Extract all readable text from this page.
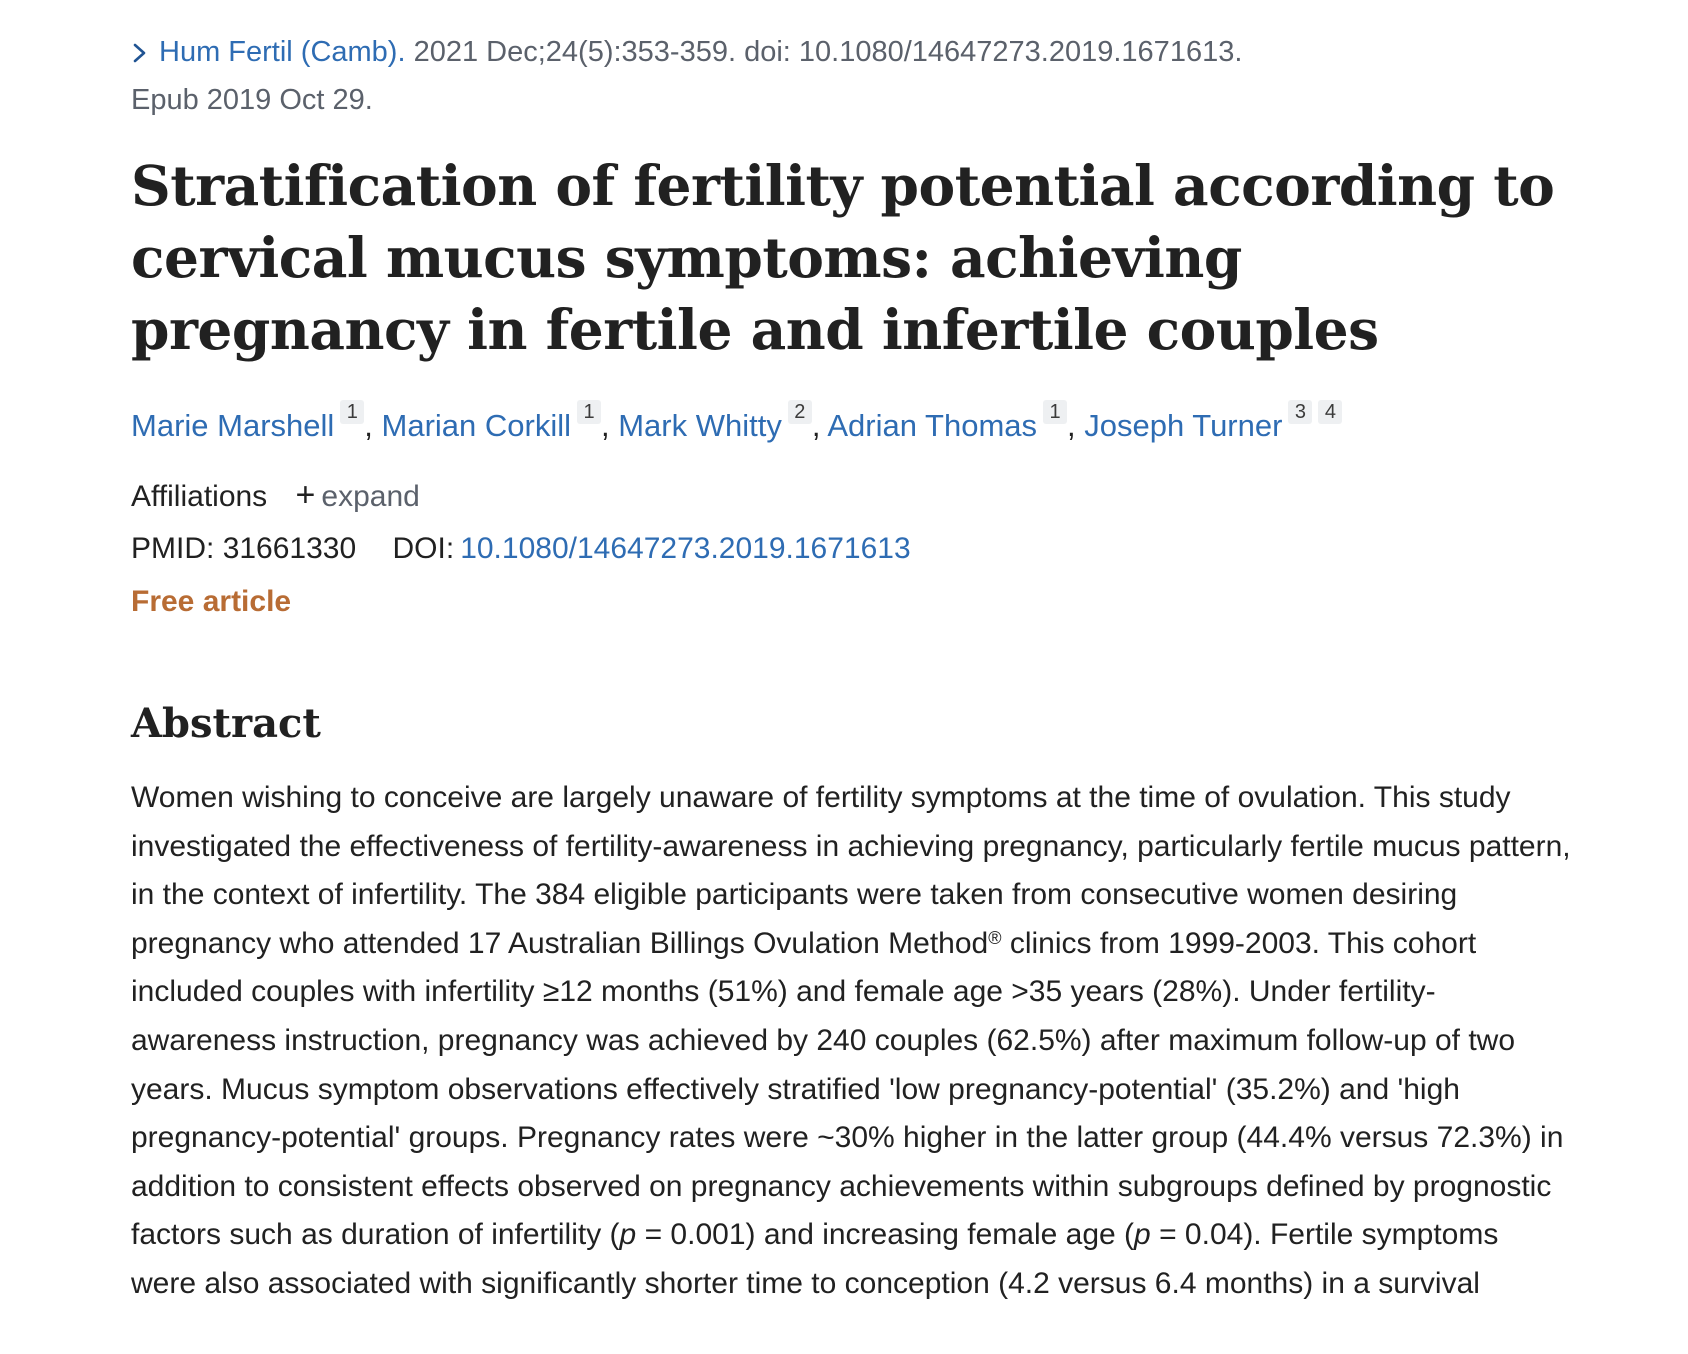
Hum Fertil (Camb). 2021 Dec;24(5):353-359. doi: 10.1080/14647273.2019.1671613.
Epub 2019 Oct 29.
Stratification of fertility potential according to cervical mucus symptoms: achieving pregnancy in fertile and infertile couples
Marie Marshell 1 , Marian Corkill 1 , Mark Whitty 2 , Adrian Thomas 1 , Joseph Turner 3 4
Affiliations + expand
PMID: 31661330 DOI: 10.1080/14647273.2019.1671613
Free article
Abstract

Women wishing to conceive are largely unaware of fertility symptoms at the time of ovulation. This study investigated the effectiveness of fertility-awareness in achieving pregnancy, particularly fertile mucus pattern, in the context of infertility. The 384 eligible participants were taken from consecutive women desiring pregnancy who attended 17 Australian Billings Ovulation Method® clinics from 1999-2003. This cohort included couples with infertility ≥12 months (51%) and female age >35 years (28%). Under fertility-awareness instruction, pregnancy was achieved by 240 couples (62.5%) after maximum follow-up of two years. Mucus symptom observations effectively stratified 'low pregnancy-potential' (35.2%) and 'high pregnancy-potential' groups. Pregnancy rates were ~30% higher in the latter group (44.4% versus 72.3%) in addition to consistent effects observed on pregnancy achievements within subgroups defined by prognostic factors such as duration of infertility (p = 0.001) and increasing female age (p = 0.04). Fertile symptoms were also associated with significantly shorter time to conception (4.2 versus 6.4 months) in a survival
